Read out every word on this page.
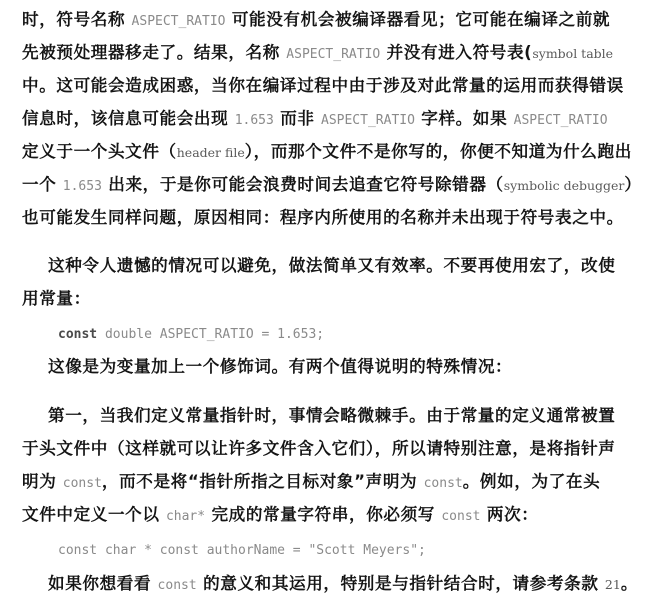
时，符号名称 ASPECT_RATIO 可能没有机会被编译器看见；它可能在编译之前就
先被预处理器移走了。结果，名称 ASPECT_RATIO 并没有进入符号表(symbol table
中。这可能会造成困惑，当你在编译过程中由于涉及对此常量的运用而获得错误
信息时，该信息可能会出现 1.653 而非 ASPECT_RATIO 字样。如果 ASPECT_RATIO
定义于一个头文件（header file），而那个文件不是你写的，你便不知道为什么跑出
一个 1.653 出来，于是你可能会浪费时间去追查它符号除错器（symbolic debugger）
也可能发生同样问题，原因相同：程序内所使用的名称并未出现于符号表之中。
这种令人遗憾的情况可以避免，做法简单又有效率。不要再使用宏了，改使
用常量：
const double ASPECT_RATIO = 1.653;
这像是为变量加上一个修饰词。有两个值得说明的特殊情况：
第一，当我们定义常量指针时，事情会略微棘手。由于常量的定义通常被置
于头文件中（这样就可以让许多文件含入它们），所以请特别注意，是将指针声
明为 const，而不是将“指针所指之目标对象”声明为 const。例如，为了在头
文件中定义一个以 char* 完成的常量字符串，你必须写 const 两次：
const char * const authorName = "Scott Meyers";
如果你想看看 const 的意义和其运用，特别是与指针结合时，请参考条款 21。
